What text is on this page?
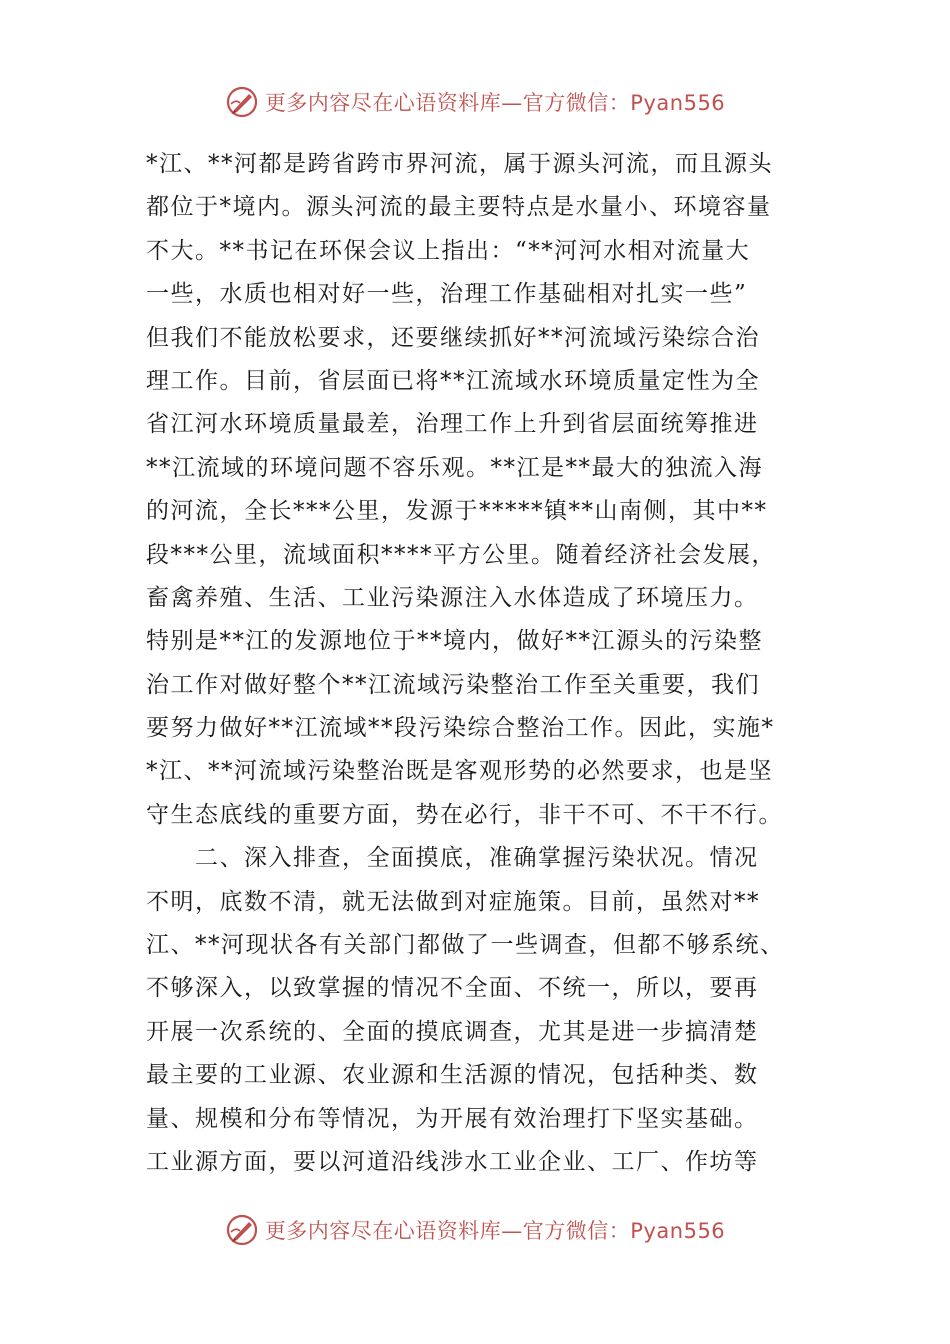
更多内容尽在心语资料库—官方微信：Pyan556
*江、**河都是跨省跨市界河流，属于源头河流，而且源头
都位于*境内。源头河流的最主要特点是水量小、环境容量
不大。**书记在环保会议上指出：“**河河水相对流量大
一些，水质也相对好一些，治理工作基础相对扎实一些”
但我们不能放松要求，还要继续抓好**河流域污染综合治
理工作。目前，省层面已将**江流域水环境质量定性为全
省江河水环境质量最差，治理工作上升到省层面统筹推进
**江流域的环境问题不容乐观。**江是**最大的独流入海
的河流，全长***公里，发源于*****镇**山南侧，其中**
段***公里，流域面积****平方公里。随着经济社会发展，
畜禽养殖、生活、工业污染源注入水体造成了环境压力。
特别是**江的发源地位于**境内，做好**江源头的污染整
治工作对做好整个**江流域污染整治工作至关重要，我们
要努力做好**江流域**段污染综合整治工作。因此，实施*
*江、**河流域污染整治既是客观形势的必然要求，也是坚
守生态底线的重要方面，势在必行，非干不可、不干不行。
　　二、深入排查，全面摸底，准确掌握污染状况。情况
不明，底数不清，就无法做到对症施策。目前，虽然对**
江、**河现状各有关部门都做了一些调查，但都不够系统、
不够深入，以致掌握的情况不全面、不统一，所以，要再
开展一次系统的、全面的摸底调查，尤其是进一步搞清楚
最主要的工业源、农业源和生活源的情况，包括种类、数
量、规模和分布等情况，为开展有效治理打下坚实基础。
工业源方面，要以河道沿线涉水工业企业、工厂、作坊等
更多内容尽在心语资料库—官方微信：Pyan556
